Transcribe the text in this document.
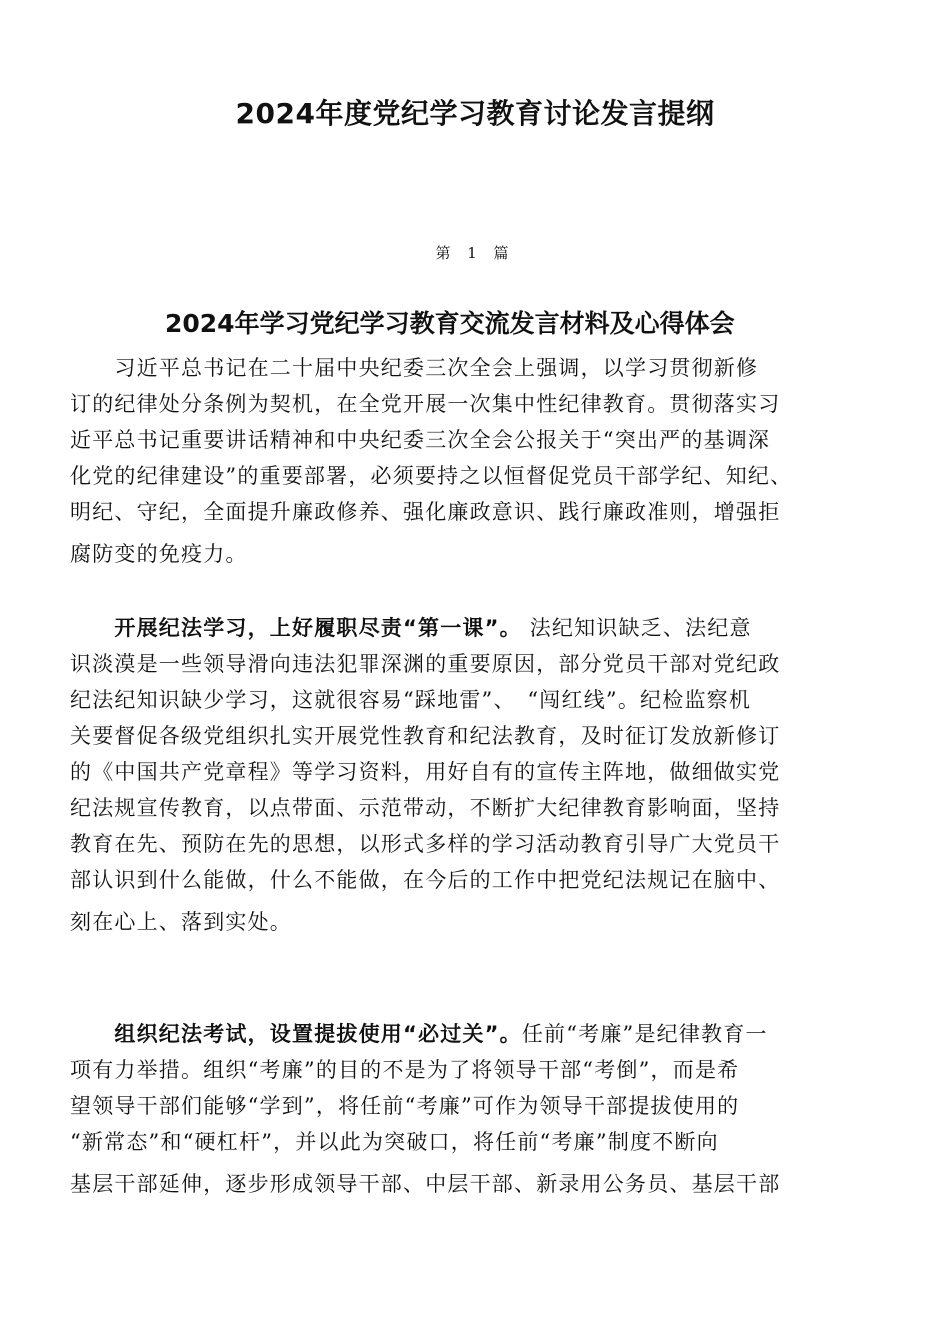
2024年度党纪学习教育讨论发言提纲
第 1 篇
2024年学习党纪学习教育交流发言材料及心得体会

　　习近平总书记在二十届中央纪委三次全会上强调，以学习贯彻新修
订的纪律处分条例为契机，在全党开展一次集中性纪律教育。贯彻落实习
近平总书记重要讲话精神和中央纪委三次全会公报关于“突出严的基调深
化党的纪律建设”的重要部署，必须要持之以恒督促党员干部学纪、知纪、
明纪、守纪，全面提升廉政修养、强化廉政意识、践行廉政准则，增强拒
腐防变的免疫力。

　　开展纪法学习，上好履职尽责“第一课”。 法纪知识缺乏、法纪意
识淡漠是一些领导滑向违法犯罪深渊的重要原因，部分党员干部对党纪政
纪法纪知识缺少学习，这就很容易“踩地雷”、　“闯红线”。纪检监察机
关要督促各级党组织扎实开展党性教育和纪法教育，及时征订发放新修订
的《中国共产党章程》等学习资料，用好自有的宣传主阵地，做细做实党
纪法规宣传教育，以点带面、示范带动，不断扩大纪律教育影响面，坚持
教育在先、预防在先的思想，以形式多样的学习活动教育引导广大党员干
部认识到什么能做，什么不能做，在今后的工作中把党纪法规记在脑中、
刻在心上、落到实处。

　　组织纪法考试，设置提拔使用“必过关”。任前“考廉”是纪律教育一
项有力举措。组织“考廉”的目的不是为了将领导干部“考倒”，而是希
望领导干部们能够“学到”，将任前“考廉”可作为领导干部提拔使用的
“新常态”和“硬杠杆”，并以此为突破口，将任前“考廉”制度不断向
基层干部延伸，逐步形成领导干部、中层干部、新录用公务员、基层干部
